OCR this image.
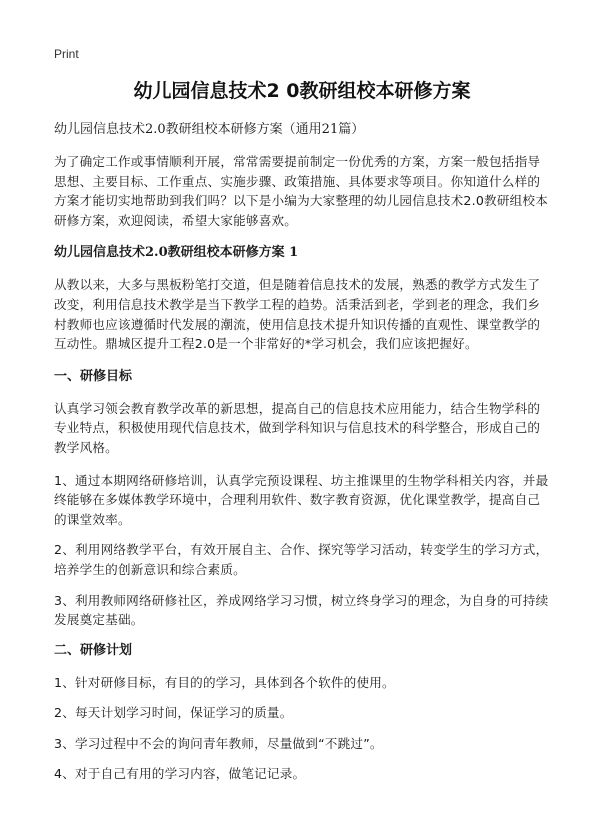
Print
幼儿园信息技术2 0教研组校本研修方案
幼儿园信息技术2.0教研组校本研修方案（通用21篇）
为了确定工作或事情顺利开展，常常需要提前制定一份优秀的方案，方案一般包括指导思想、主要目标、工作重点、实施步骤、政策措施、具体要求等项目。你知道什么样的方案才能切实地帮助到我们吗？以下是小编为大家整理的幼儿园信息技术2.0教研组校本研修方案，欢迎阅读，希望大家能够喜欢。
幼儿园信息技术2.0教研组校本研修方案 1
从教以来，大多与黑板粉笔打交道，但是随着信息技术的发展，熟悉的教学方式发生了改变，利用信息技术教学是当下教学工程的趋势。活秉活到老，学到老的理念，我们乡村教师也应该遵循时代发展的潮流，使用信息技术提升知识传播的直观性、课堂教学的互动性。鼎城区提升工程2.0是一个非常好的*学习机会，我们应该把握好。
一、研修目标
认真学习领会教育教学改革的新思想，提高自己的信息技术应用能力，结合生物学科的专业特点，积极使用现代信息技术，做到学科知识与信息技术的科学整合，形成自己的教学风格。
1、通过本期网络研修培训，认真学完预设课程、坊主推课里的生物学科相关内容，并最终能够在多媒体教学环境中，合理利用软件、数字教育资源，优化课堂教学，提高自己的课堂效率。
2、利用网络教学平台，有效开展自主、合作、探究等学习活动，转变学生的学习方式，培养学生的创新意识和综合素质。
3、利用教师网络研修社区，养成网络学习习惯，树立终身学习的理念，为自身的可持续发展奠定基础。
二、研修计划
1、针对研修目标，有目的的学习，具体到各个软件的使用。
2、每天计划学习时间，保证学习的质量。
3、学习过程中不会的询问青年教师，尽量做到“不跳过”。
4、对于自己有用的学习内容，做笔记记录。
